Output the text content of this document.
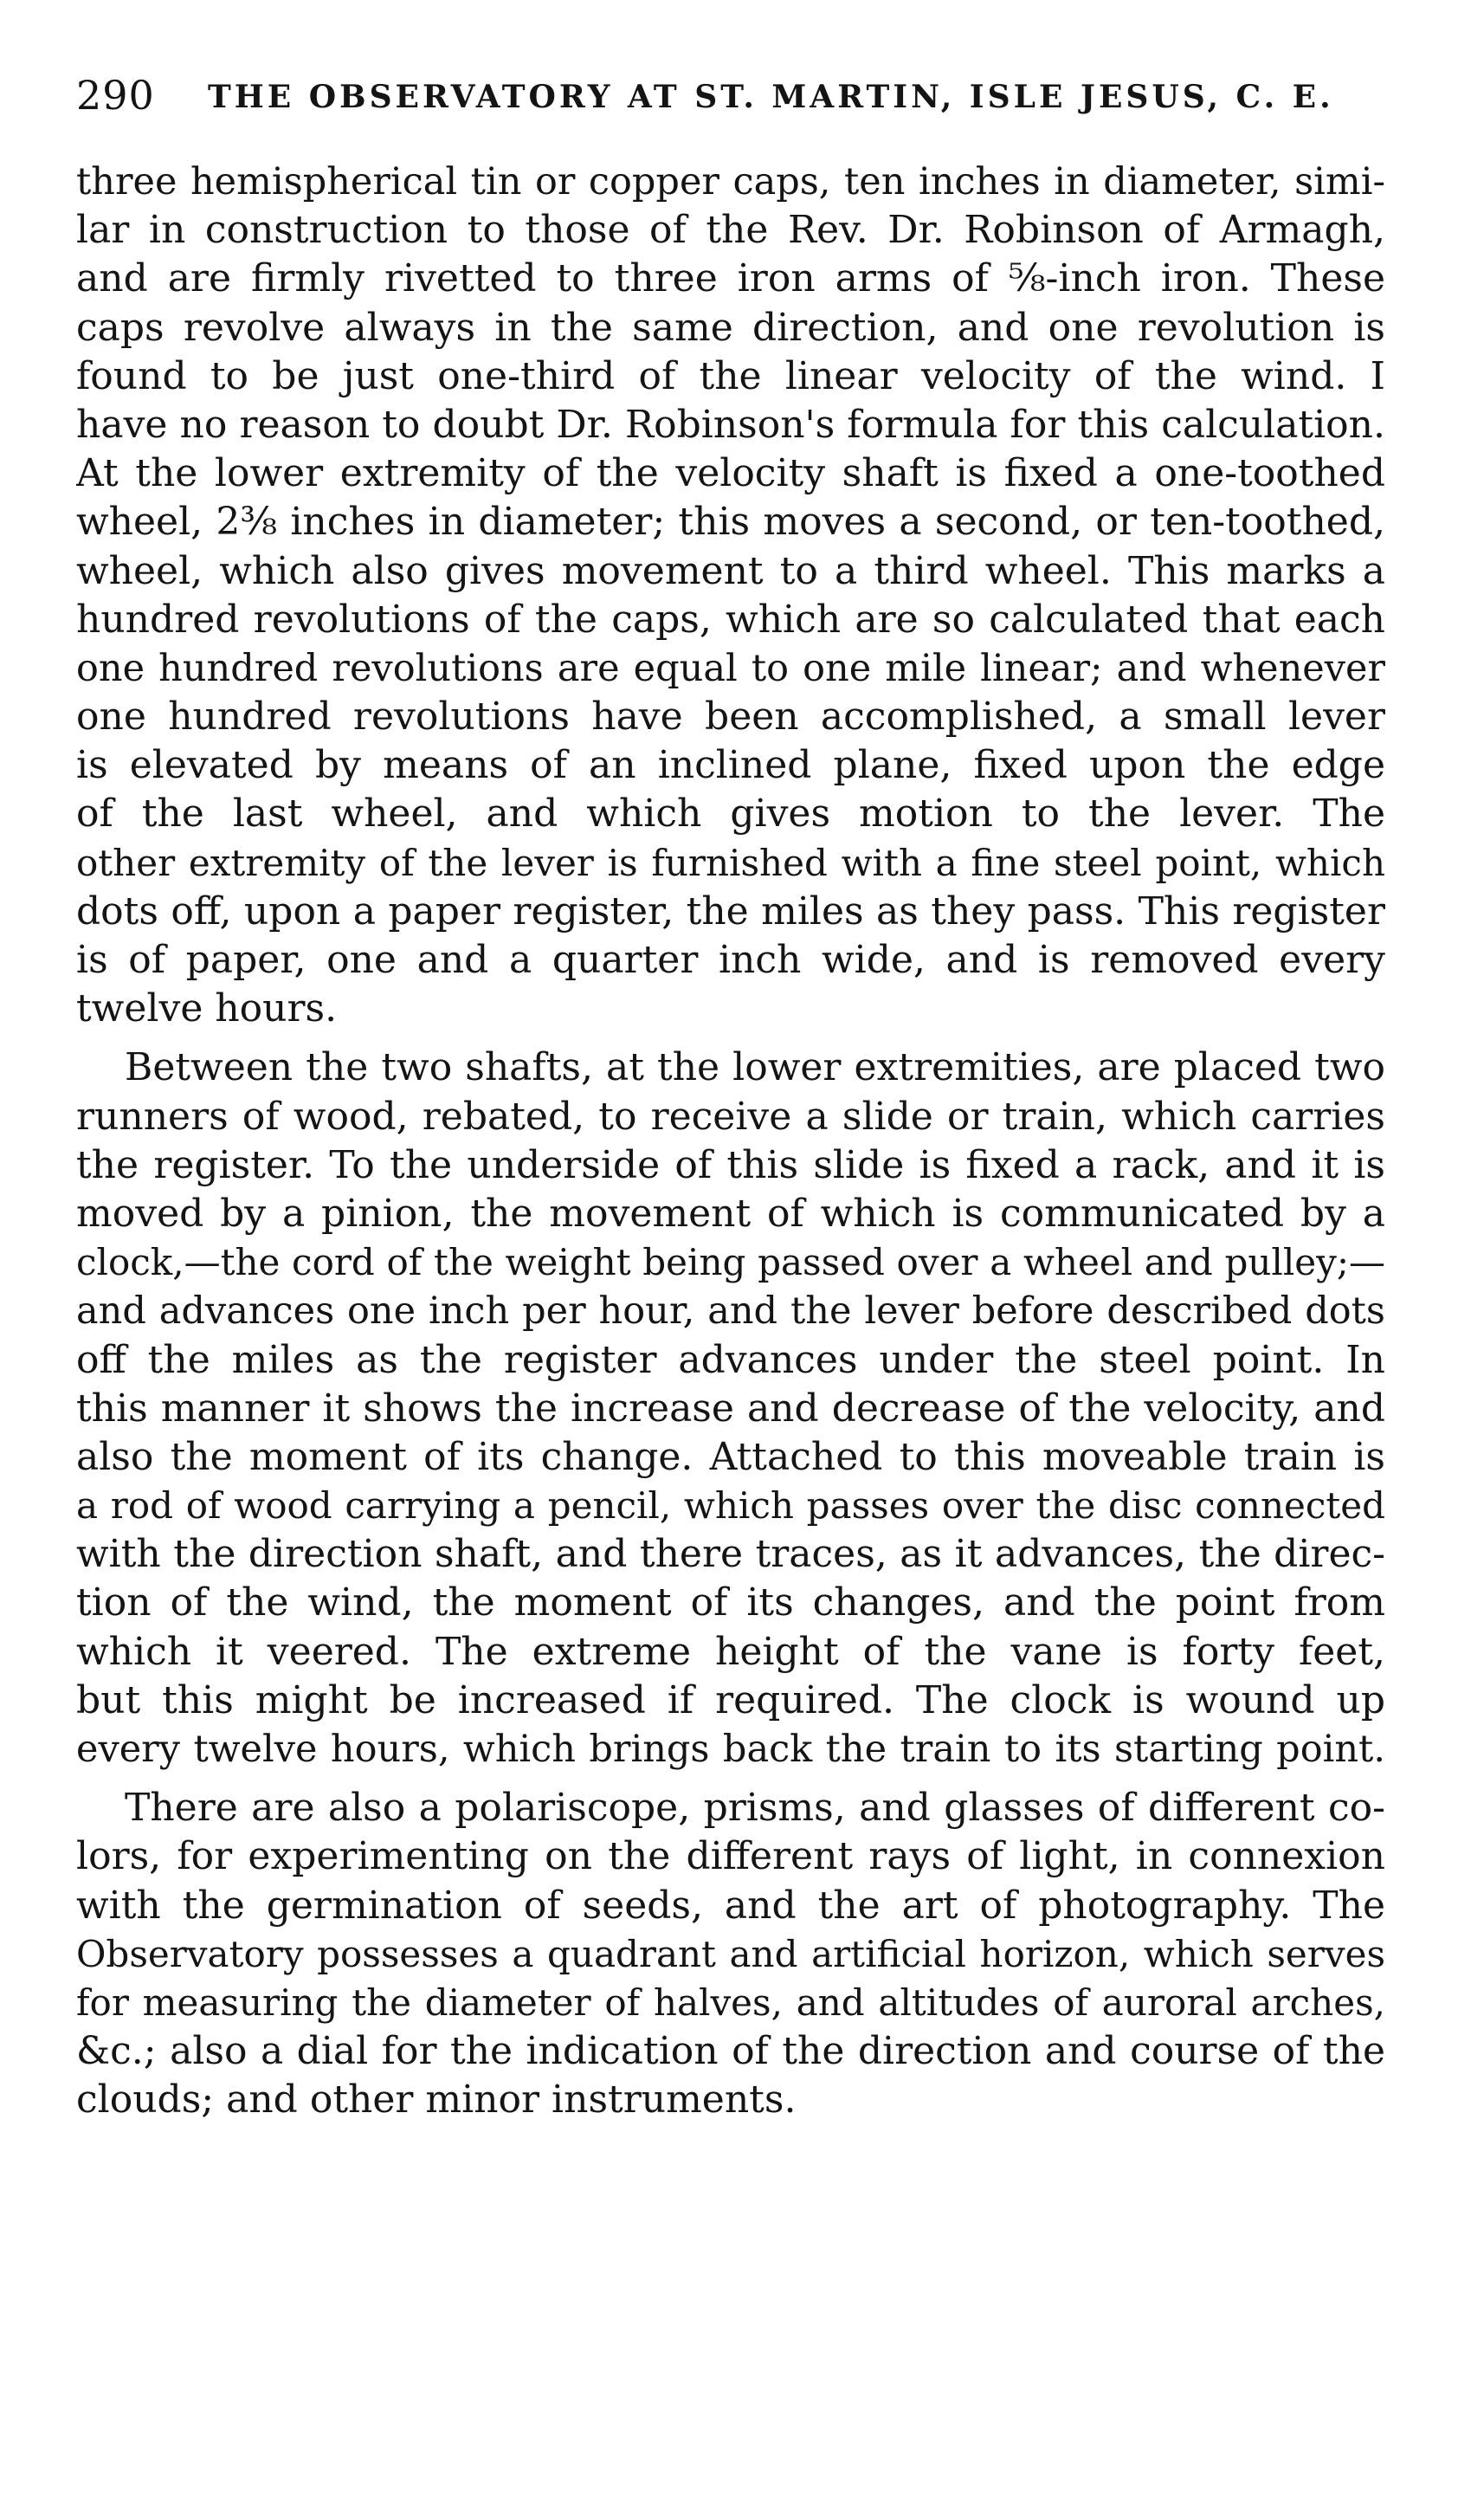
290 THE OBSERVATORY AT ST. MARTIN, ISLE JESUS, C. E.
three hemispherical tin or copper caps, ten inches in diameter, simi-
lar in construction to those of the Rev. Dr. Robinson of Armagh,
and are firmly rivetted to three iron arms of ⅝-inch iron. These
caps revolve always in the same direction, and one revolution is
found to be just one-third of the linear velocity of the wind. I
have no reason to doubt Dr. Robinson's formula for this calculation.
At the lower extremity of the velocity shaft is fixed a one-toothed
wheel, 2⅜ inches in diameter; this moves a second, or ten-toothed,
wheel, which also gives movement to a third wheel. This marks a
hundred revolutions of the caps, which are so calculated that each
one hundred revolutions are equal to one mile linear; and whenever
one hundred revolutions have been accomplished, a small lever
is elevated by means of an inclined plane, fixed upon the edge
of the last wheel, and which gives motion to the lever. The
other extremity of the lever is furnished with a fine steel point, which
dots off, upon a paper register, the miles as they pass. This register
is of paper, one and a quarter inch wide, and is removed every
twelve hours.
Between the two shafts, at the lower extremities, are placed two
runners of wood, rebated, to receive a slide or train, which carries
the register. To the underside of this slide is fixed a rack, and it is
moved by a pinion, the movement of which is communicated by a
clock,—the cord of the weight being passed over a wheel and pulley;—
and advances one inch per hour, and the lever before described dots
off the miles as the register advances under the steel point. In
this manner it shows the increase and decrease of the velocity, and
also the moment of its change. Attached to this moveable train is
a rod of wood carrying a pencil, which passes over the disc connected
with the direction shaft, and there traces, as it advances, the direc-
tion of the wind, the moment of its changes, and the point from
which it veered. The extreme height of the vane is forty feet,
but this might be increased if required. The clock is wound up
every twelve hours, which brings back the train to its starting point.
There are also a polariscope, prisms, and glasses of different co-
lors, for experimenting on the different rays of light, in connexion
with the germination of seeds, and the art of photography. The
Observatory possesses a quadrant and artificial horizon, which serves
for measuring the diameter of halves, and altitudes of auroral arches,
&c.; also a dial for the indication of the direction and course of the
clouds; and other minor instruments.
